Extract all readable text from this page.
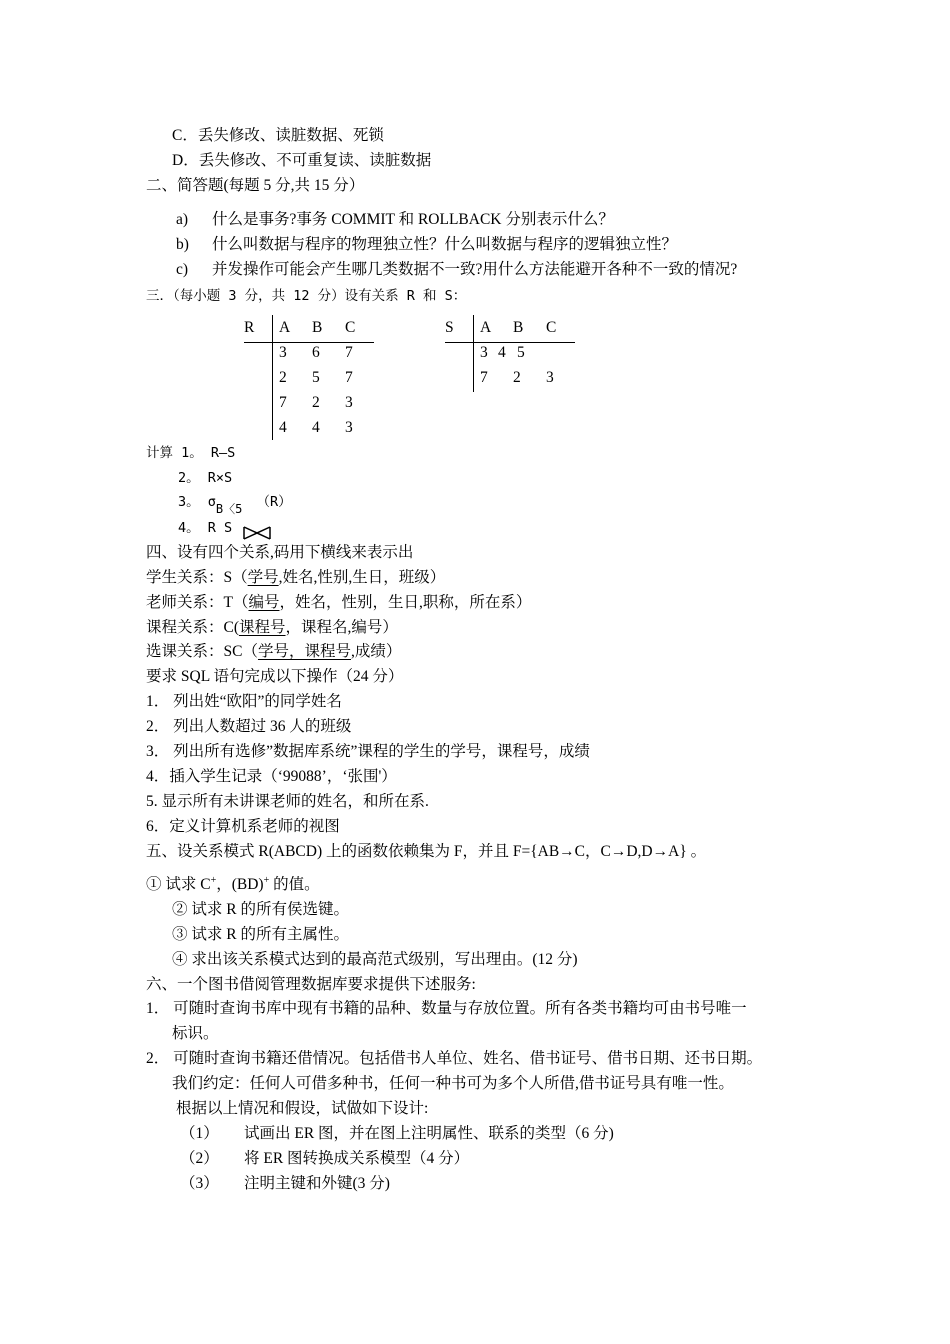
C．丢失修改、读脏数据、死锁
D．丢失修改、不可重复读、读脏数据
二、简答题(每题 5 分,共 15 分）
a) 什么是事务?事务 COMMIT 和 ROLLBACK 分别表示什么？
b) 什么叫数据与程序的物理独立性？什么叫数据与程序的逻辑独立性？
c) 并发操作可能会产生哪几类数据不一致?用什么方法能避开各种不一致的情况?
三．（每小题 3 分，共 12 分）设有关系 R 和 S：
R A B C
3 6 7
2 5 7
7 2 3
4 4 3
S A B C
3 4 5
7 2 3
计算 1。 R—S
2。 R×S
3。 σB〈5 （R）
4。 R S
四、设有四个关系,码用下横线来表示出
学生关系：S（学号,姓名,性别,生日，班级）
老师关系：T（编号，姓名，性别，生日,职称，所在系）
课程关系：C(课程号，课程名,编号）
选课关系：SC（学号，课程号,成绩）
要求 SQL 语句完成以下操作（24 分）
1． 列出姓“欧阳”的同学姓名
2． 列出人数超过 36 人的班级
3． 列出所有选修”数据库系统”课程的学生的学号，课程号，成绩
4．插入学生记录（‘99088’，‘张围'）
5. 显示所有未讲课老师的姓名，和所在系.
6．定义计算机系老师的视图
五、设关系模式 R(ABCD) 上的函数依赖集为 F，并且 F={AB→C，C→D,D→A} 。
① 试求 C+，(BD)+ 的值。
② 试求 R 的所有侯选键。
③ 试求 R 的所有主属性。
④ 求出该关系模式达到的最高范式级别，写出理由。(12 分)
六、一个图书借阅管理数据库要求提供下述服务:
1． 可随时查询书库中现有书籍的品种、数量与存放位置。所有各类书籍均可由书号唯一
标识。
2． 可随时查询书籍还借情况。包括借书人单位、姓名、借书证号、借书日期、还书日期。
我们约定：任何人可借多种书，任何一种书可为多个人所借,借书证号具有唯一性。
根据以上情况和假设，试做如下设计:
（1） 试画出 ER 图，并在图上注明属性、联系的类型（6 分)
（2） 将 ER 图转换成关系模型（4 分）
（3） 注明主键和外键(3 分)
